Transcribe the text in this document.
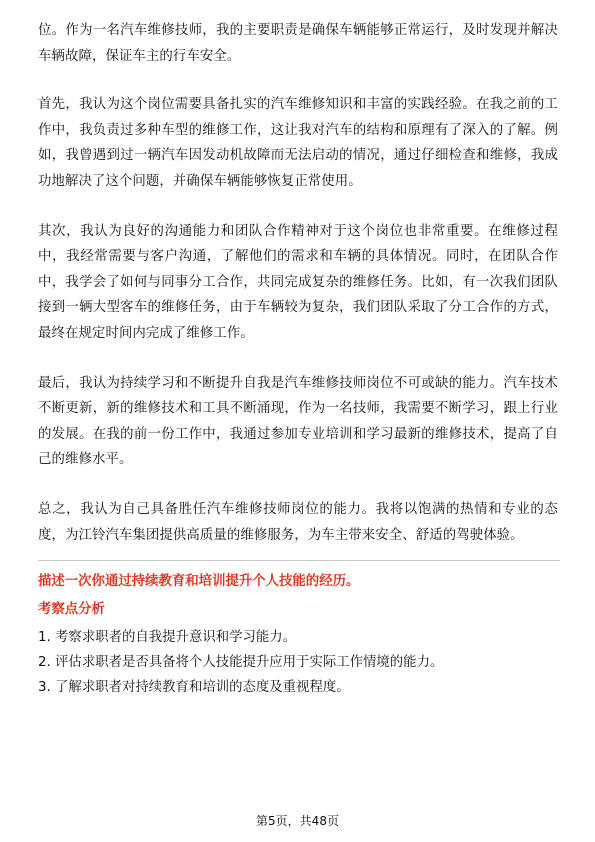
位。作为一名汽车维修技师，我的主要职责是确保车辆能够正常运行，及时发现并解决车辆故障，保证车主的行车安全。

首先，我认为这个岗位需要具备扎实的汽车维修知识和丰富的实践经验。在我之前的工作中，我负责过多种车型的维修工作，这让我对汽车的结构和原理有了深入的了解。例如，我曾遇到过一辆汽车因发动机故障而无法启动的情况，通过仔细检查和维修，我成功地解决了这个问题，并确保车辆能够恢复正常使用。

其次，我认为良好的沟通能力和团队合作精神对于这个岗位也非常重要。在维修过程中，我经常需要与客户沟通，了解他们的需求和车辆的具体情况。同时，在团队合作中，我学会了如何与同事分工合作，共同完成复杂的维修任务。比如，有一次我们团队接到一辆大型客车的维修任务，由于车辆较为复杂，我们团队采取了分工合作的方式，最终在规定时间内完成了维修工作。

最后，我认为持续学习和不断提升自我是汽车维修技师岗位不可或缺的能力。汽车技术不断更新，新的维修技术和工具不断涌现，作为一名技师，我需要不断学习，跟上行业的发展。在我的前一份工作中，我通过参加专业培训和学习最新的维修技术，提高了自己的维修水平。

总之，我认为自己具备胜任汽车维修技师岗位的能力。我将以饱满的热情和专业的态度，为江铃汽车集团提供高质量的维修服务，为车主带来安全、舒适的驾驶体验。

描述一次你通过持续教育和培训提升个人技能的经历。

考察点分析

1. 考察求职者的自我提升意识和学习能力。
2. 评估求职者是否具备将个人技能提升应用于实际工作情境的能力。
3. 了解求职者对持续教育和培训的态度及重视程度。
第5页，共48页
